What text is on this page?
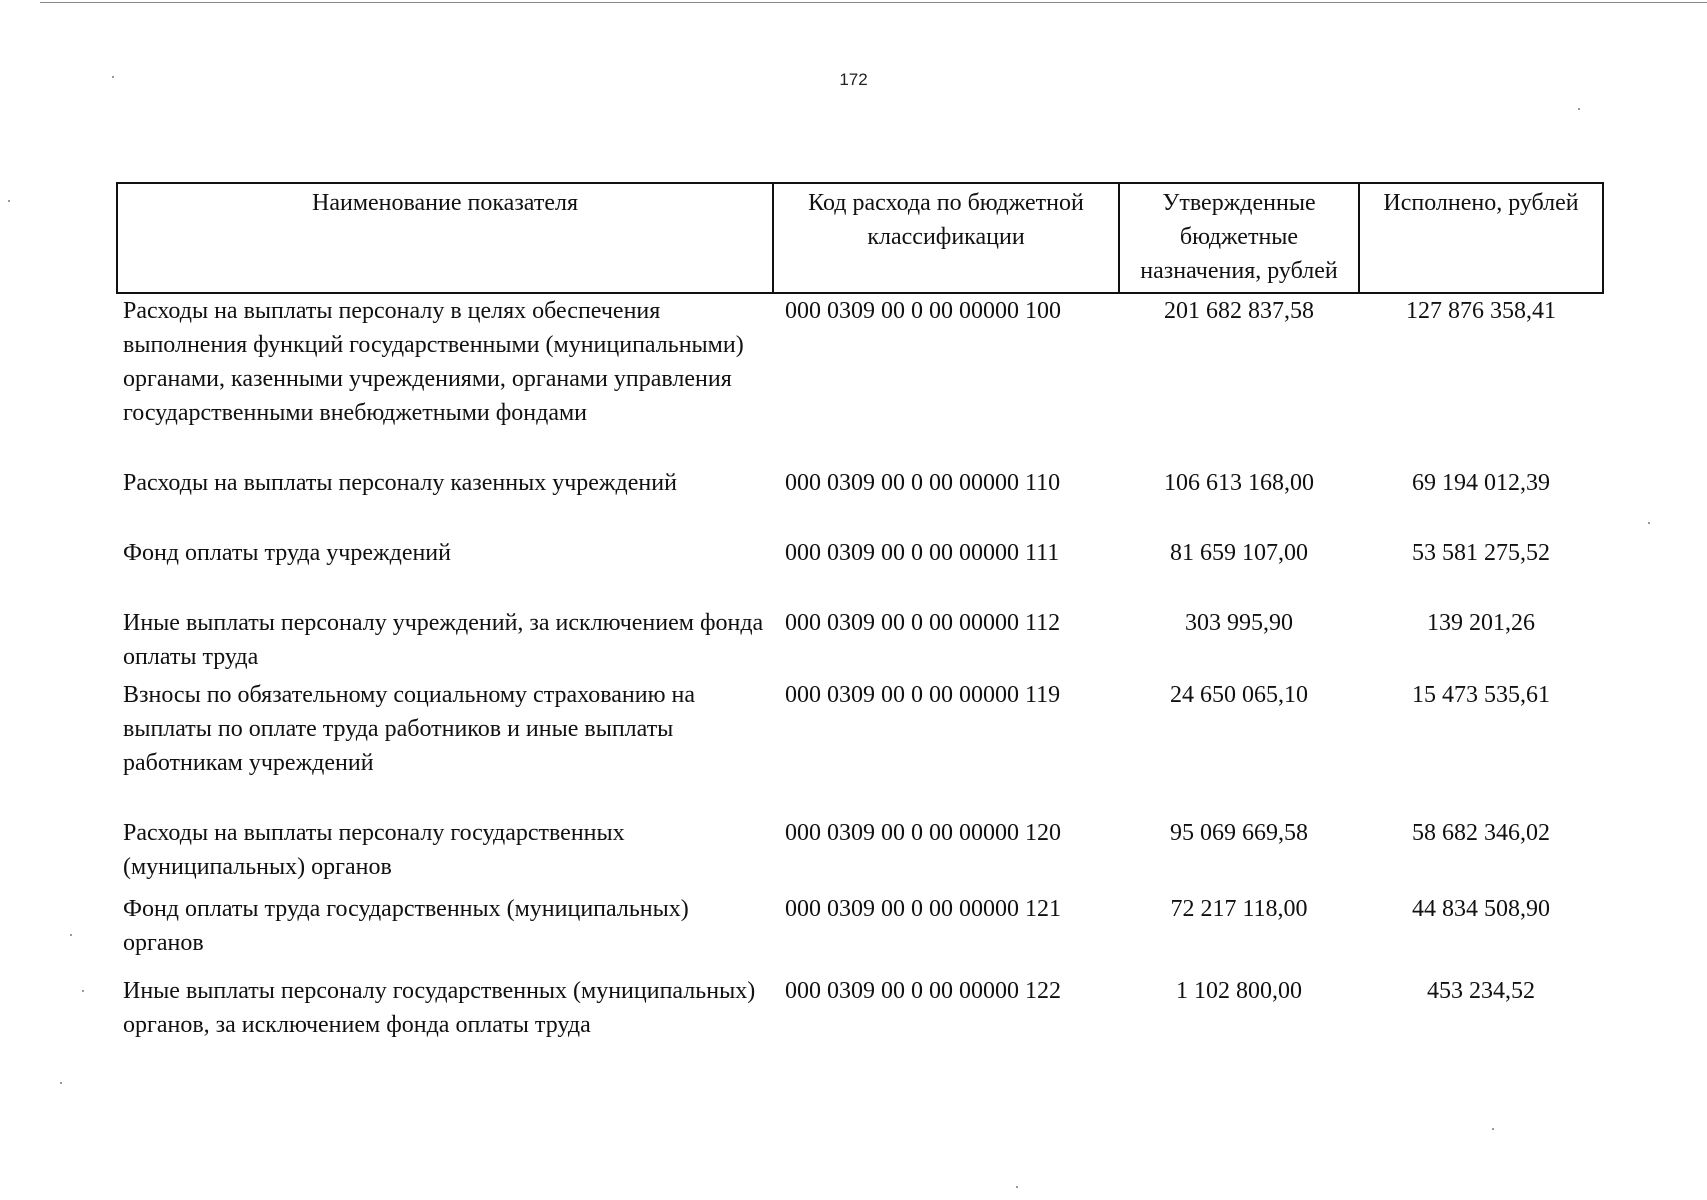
172
Наименование показателя	Код расхода по бюджетной классификации	Утвержденные бюджетные назначения, рублей	Исполнено, рублей
Расходы на выплаты персоналу в целях обеспечения выполнения функций государственными (муниципальными) органами, казенными учреждениями, органами управления государственными внебюджетными фондами	000 0309 00 0 00 00000 100	201 682 837,58	127 876 358,41
Расходы на выплаты персоналу казенных учреждений	000 0309 00 0 00 00000 110	106 613 168,00	69 194 012,39
Фонд оплаты труда учреждений	000 0309 00 0 00 00000 111	81 659 107,00	53 581 275,52
Иные выплаты персоналу учреждений, за исключением фонда оплаты труда	000 0309 00 0 00 00000 112	303 995,90	139 201,26
Взносы по обязательному социальному страхованию на выплаты по оплате труда работников и иные выплаты работникам учреждений	000 0309 00 0 00 00000 119	24 650 065,10	15 473 535,61
Расходы на выплаты персоналу государственных (муниципальных) органов	000 0309 00 0 00 00000 120	95 069 669,58	58 682 346,02
Фонд оплаты труда государственных (муниципальных) органов	000 0309 00 0 00 00000 121	72 217 118,00	44 834 508,90
Иные выплаты персоналу государственных (муниципальных) органов, за исключением фонда оплаты труда	000 0309 00 0 00 00000 122	1 102 800,00	453 234,52
